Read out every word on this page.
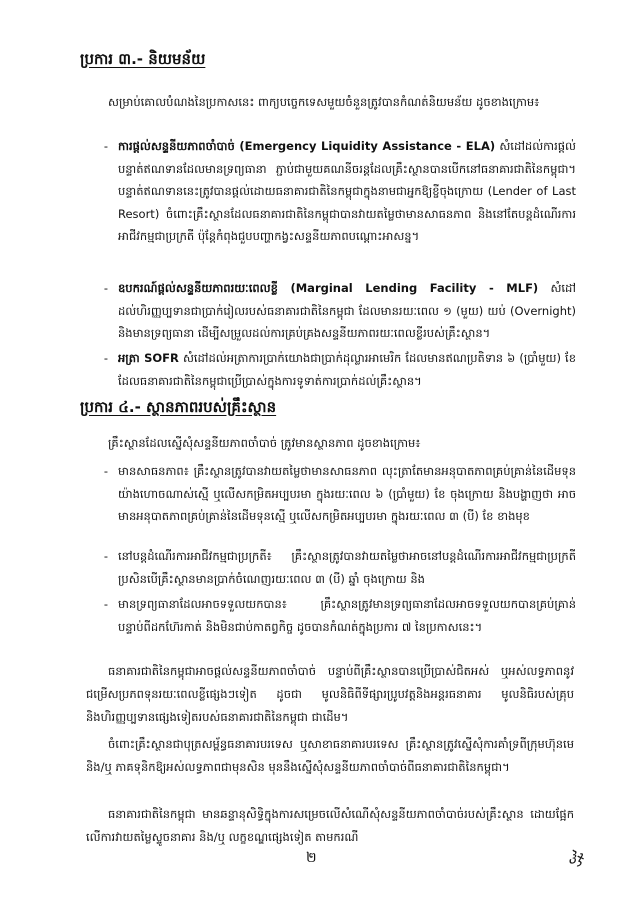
ប្រការ ៣.- និយមន័យ
សម្រាប់គោលបំណងនៃប្រកាសនេះ ពាក្យបច្ចេកទេសមួយចំនួនត្រូវបានកំណត់និយមន័យ ដូចខាងក្រោម៖
- ការផ្តល់សន្ទនីយភាពចាំបាច់ (Emergency Liquidity Assistance - ELA) សំដៅដល់ការផ្តល់បន្ទាត់ឥណទានដែលមានទ្រព្យធានា ភ្ជាប់ជាមួយគណនីចរន្តដែលគ្រឹះស្ថានបានបើកនៅធនាគារជាតិនៃកម្ពុជា។ បន្ទាត់ឥណទាននេះត្រូវបានផ្តល់ដោយធនាគារជាតិនៃកម្ពុជាក្នុងនាមជាអ្នកឱ្យខ្ចីចុងក្រោយ (Lender of Last Resort) ចំពោះគ្រឹះស្ថានដែលធនាគារជាតិនៃកម្ពុជាបានវាយតម្លៃថាមានសាធនភាព និងនៅតែបន្តដំណើរការអាជីវកម្មជាប្រក្រតី ប៉ុន្តែកំពុងជួបបញ្ហាកង្វះសន្ទនីយភាពបណ្តោះអាសន្ន។
- ឧបករណ៍ផ្តល់សន្ទនីយភាពរយៈពេលខ្លី (Marginal Lending Facility - MLF) សំដៅដល់ហិរញ្ញប្បទានជាប្រាក់រៀលរបស់ធនាគារជាតិនៃកម្ពុជា ដែលមានរយៈពេល ១ (មួយ) យប់ (Overnight) និងមានទ្រព្យធានា ដើម្បីសម្រួលដល់ការគ្រប់គ្រងសន្ទនីយភាពរយៈពេលខ្លីរបស់គ្រឹះស្ថាន។
- អត្រា SOFR សំដៅដល់អត្រាការប្រាក់យោងជាប្រាក់ដុល្លារអាមេរិក ដែលមានឥណប្រតិទាន ៦ (ប្រាំមួយ) ខែ ដែលធនាគារជាតិនៃកម្ពុជាប្រើប្រាស់ក្នុងការទូទាត់ការប្រាក់ដល់គ្រឹះស្ថាន។
ប្រការ ៤.- ស្ថានភាពរបស់គ្រឹះស្ថាន
គ្រឹះស្ថានដែលស្នើសុំសន្ទនីយភាពចាំបាច់ ត្រូវមានស្ថានភាព ដូចខាងក្រោម៖
- មានសាធនភាព៖ គ្រឹះស្ថានត្រូវបានវាយតម្លៃថាមានសាធនភាព លុះត្រាតែមានអនុបាតភាពគ្រប់គ្រាន់នៃដើមទុនយ៉ាងហោចណាស់ស្មើ ឬលើសកម្រិតអប្បបរមា ក្នុងរយៈពេល ៦ (ប្រាំមួយ) ខែ ចុងក្រោយ និងបង្ហាញថា អាចមានអនុបាតភាពគ្រប់គ្រាន់នៃដើមទុនស្មើ ឬលើសកម្រិតអប្បបរមា ក្នុងរយៈពេល ៣ (បី) ខែ ខាងមុខ
- នៅបន្តដំណើរការអាជីវកម្មជាប្រក្រតី៖ គ្រឹះស្ថានត្រូវបានវាយតម្លៃថាអាចនៅបន្តដំណើរការអាជីវកម្មជាប្រក្រតី ប្រសិនបើគ្រឹះស្ថានមានប្រាក់ចំណេញរយៈពេល ៣ (បី) ឆ្នាំ ចុងក្រោយ និង
- មានទ្រព្យធានាដែលអាចទទួលយកបាន៖ គ្រឹះស្ថានត្រូវមានទ្រព្យធានាដែលអាចទទួលយកបានគ្រប់គ្រាន់បន្ទាប់ពីដកហ៊ែរកាត់ និងមិនជាប់កាតព្វកិច្ច ដូចបានកំណត់ក្នុងប្រការ ៧ នៃប្រកាសនេះ។
ធនាគារជាតិនៃកម្ពុជាអាចផ្តល់សន្ទនីយភាពចាំបាច់ បន្ទាប់ពីគ្រឹះស្ថានបានប្រើប្រាស់ជិតអស់ ឬអស់លទ្ធភាពនូវជម្រើសប្រភពទុនរយៈពេលខ្លីផ្សេងៗទៀត ដូចជា មូលនិធិពីទីផ្សារប្រូបវត្តនិងអន្តរធនាគារ មូលនិធិរបស់គ្រុប និងហិរញ្ញប្បទានផ្សេងទៀតរបស់ធនាគារជាតិនៃកម្ពុជា ជាដើម។
ចំពោះគ្រឹះស្ថានជាបុត្រសម្ព័ន្ធធនាគារបរទេស ឬសាខាធនាគារបរទេស គ្រឹះស្ថានត្រូវស្នើសុំការគាំទ្រពីក្រុមហ៊ុនមេ និង/ឬ ភាគទុនិកឱ្យអស់លទ្ធភាពជាមុនសិន មុននឹងស្នើសុំសន្ទនីយភាពចាំបាច់ពីធនាគារជាតិនៃកម្ពុជា។
ធនាគារជាតិនៃកម្ពុជា មានឆន្ទានុសិទ្ធិក្នុងការសម្រេចលើសំណើសុំសន្ទនីយភាពចាំបាច់របស់គ្រឹះស្ថាន ដោយផ្អែកលើការវាយតម្លៃស្ទូចនាគារ និង/ឬ លក្ខខណ្ឌផ្សេងទៀត តាមករណី
២	ჰჯ
